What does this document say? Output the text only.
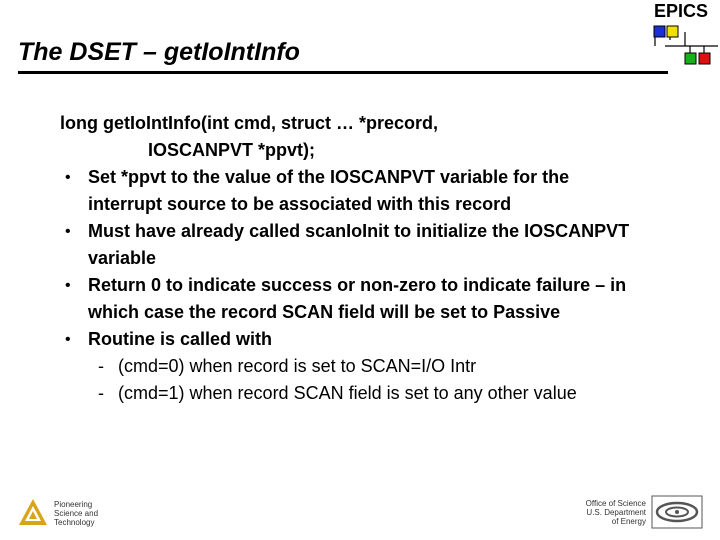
The DSET – getIoIntInfo
EPICS
long getIoIntInfo(int cmd, struct … *precord,
IOSCANPVT *ppvt);
• Set *ppvt to the value of the IOSCANPVT variable for the
interrupt source to be associated with this record
• Must have already called scanIoInit to initialize the IOSCANPVT
variable
• Return 0 to indicate success or non-zero to indicate failure – in
which case the record SCAN field will be set to Passive
• Routine is called with
- (cmd=0) when record is set to SCAN=I/O Intr
- (cmd=1) when record SCAN field is set to any other value
Pioneering
Science and
Technology
Office of Science
U.S. Department
of Energy
